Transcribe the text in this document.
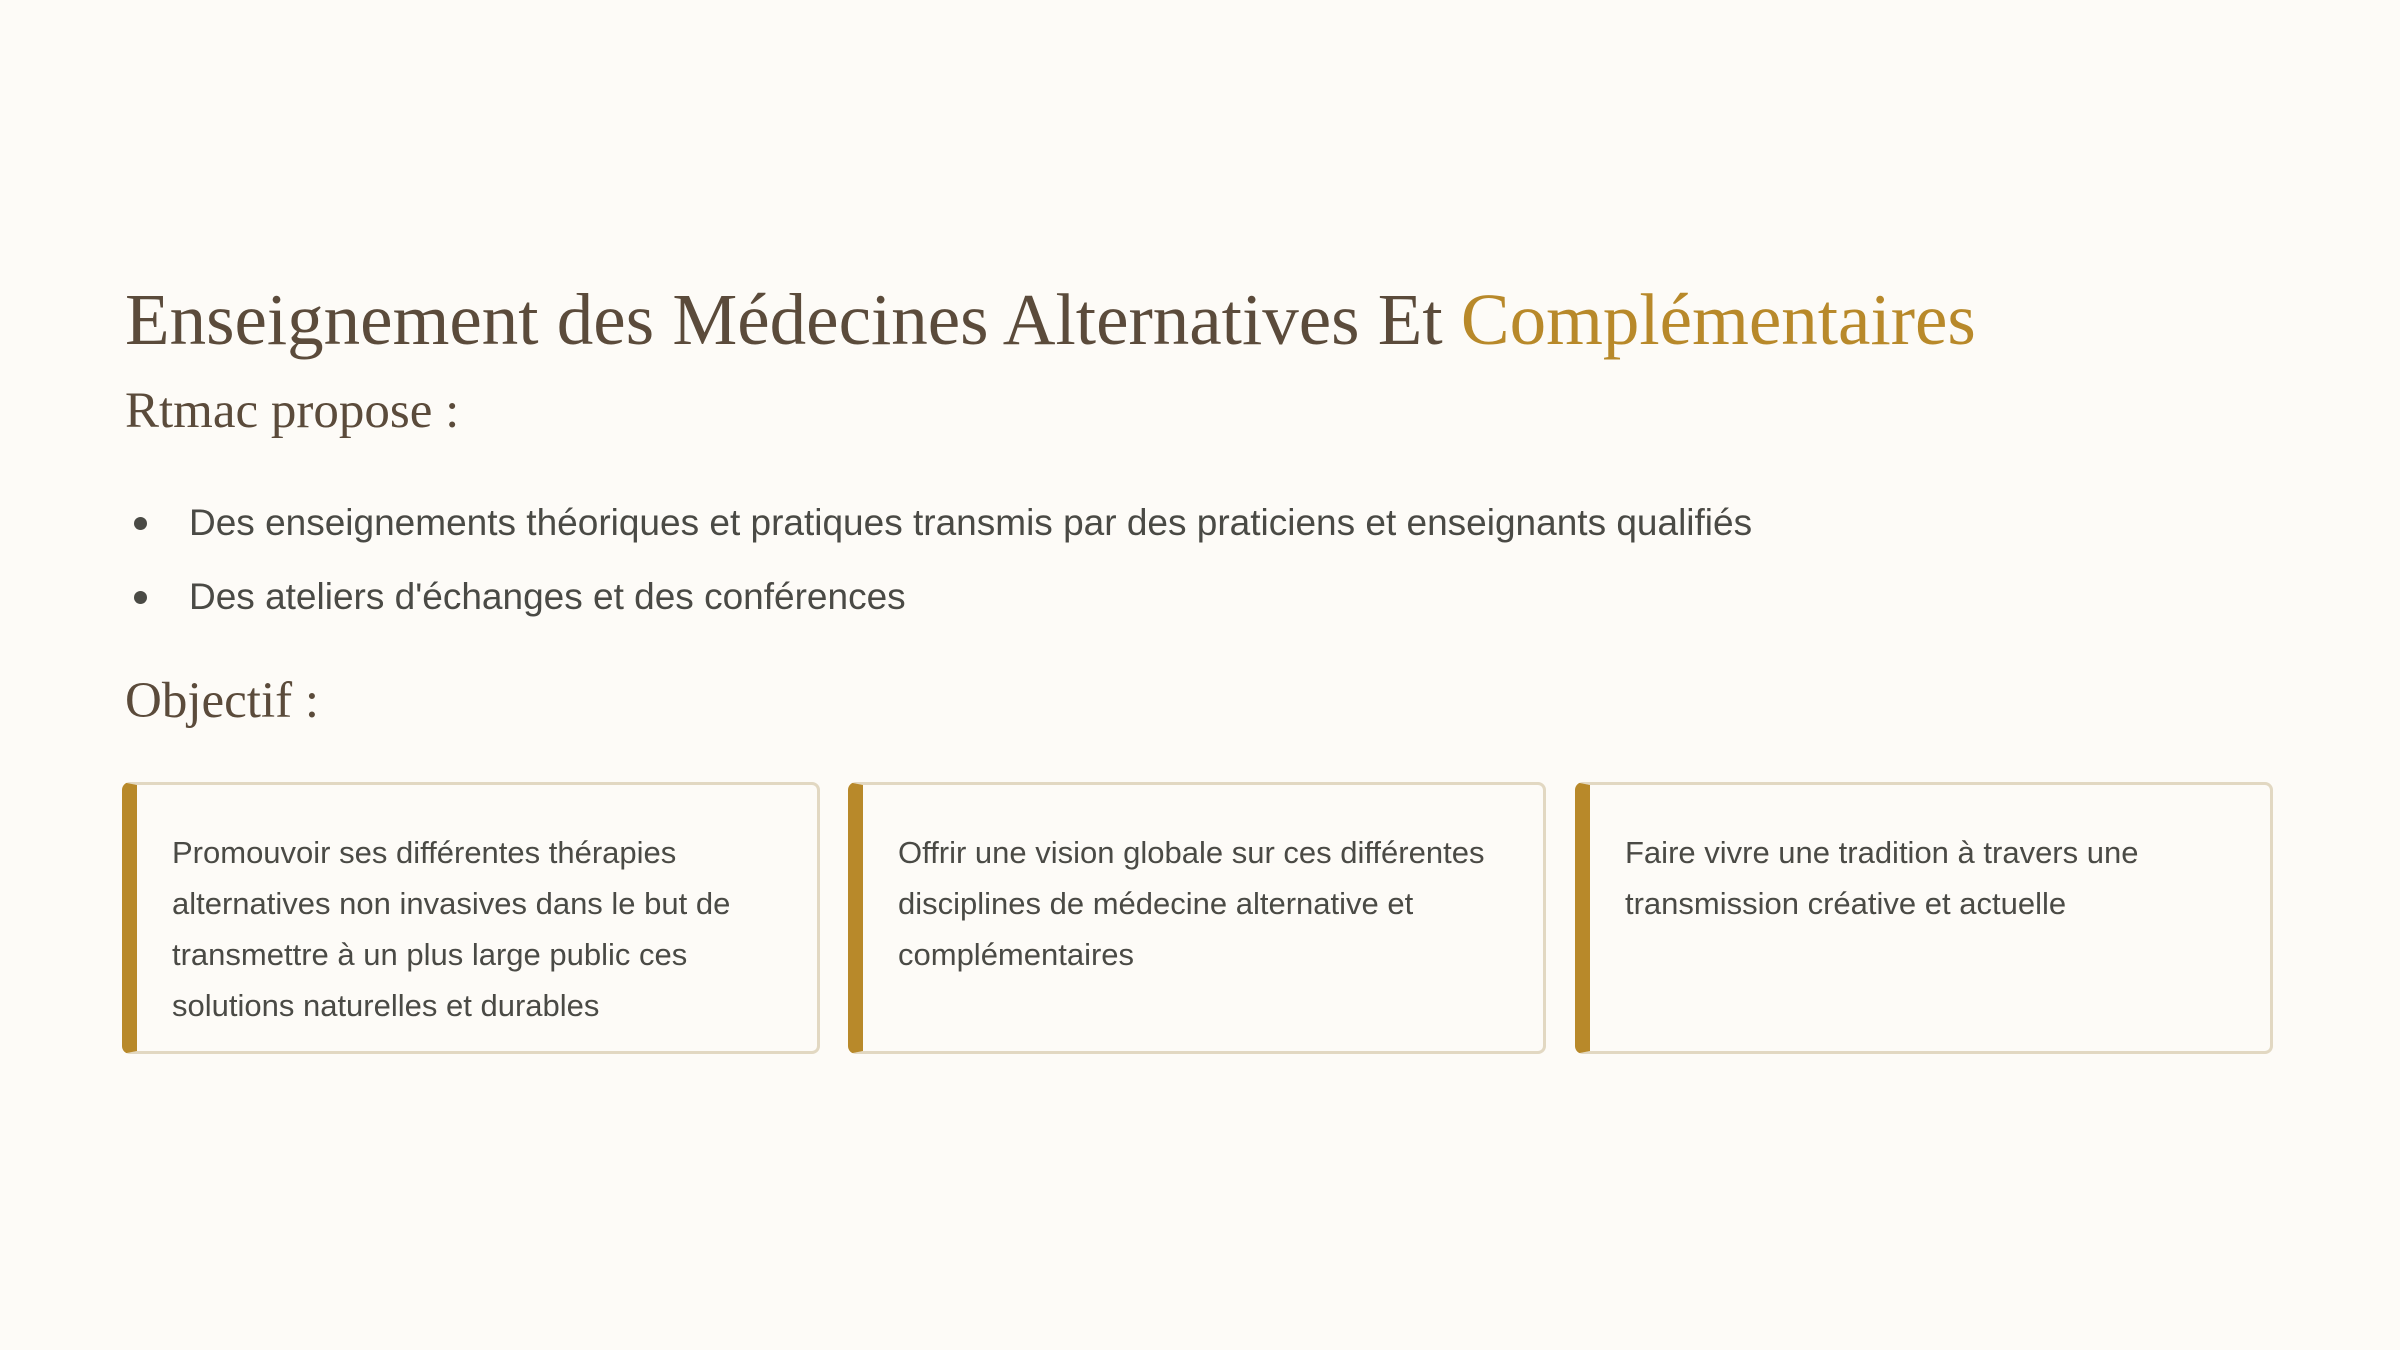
Enseignement des Médecines Alternatives Et Complémentaires
Rtmac propose :
Des enseignements théoriques et pratiques transmis par des praticiens et enseignants qualifiés
Des ateliers d'échanges et des conférences
Objectif :

Promouvoir ses différentes thérapies alternatives non invasives dans le but de transmettre à un plus large public ces solutions naturelles et durables

Offrir une vision globale sur ces différentes disciplines de médecine alternative et complémentaires

Faire vivre une tradition à travers une transmission créative et actuelle
